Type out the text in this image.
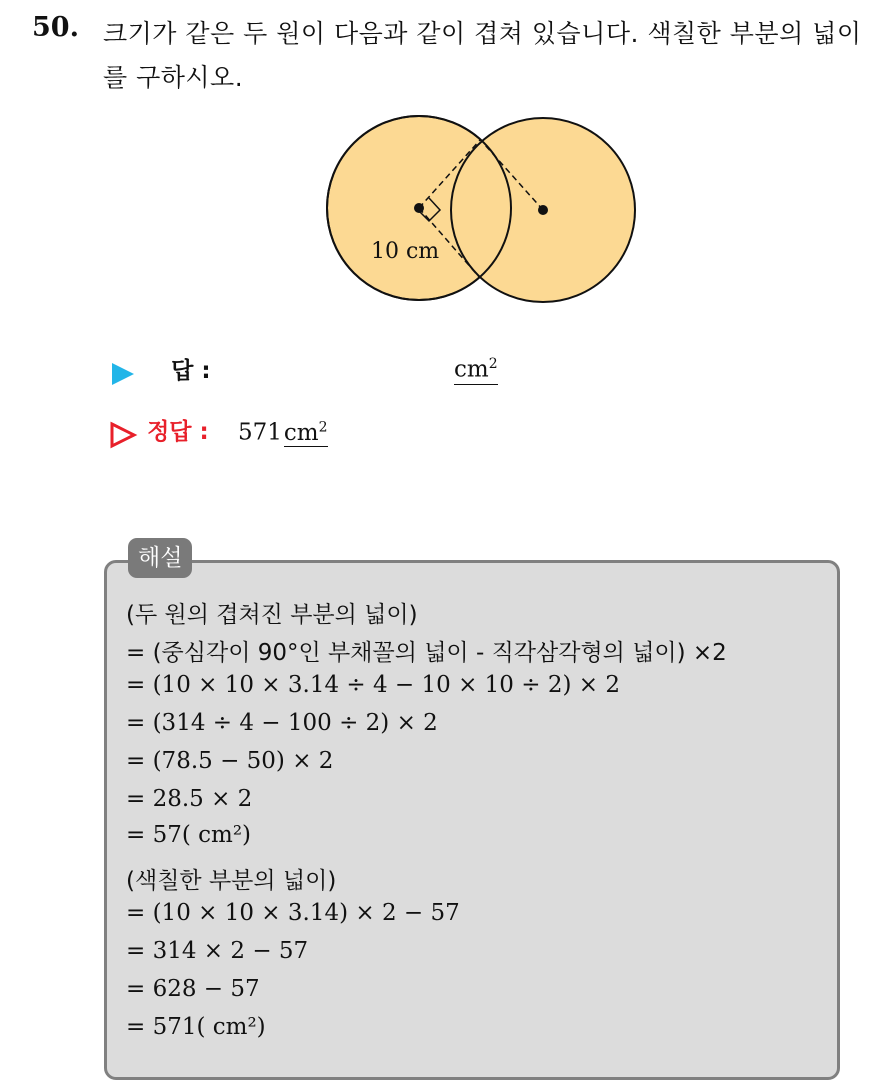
50. 크기가 같은 두 원이 다음과 같이 겹쳐 있습니다. 색칠한 부분의 넓이
를 구하시오.
10 cm
답 :	$cm^2$
정답 : $571cm^2$
해설
(두 원의 겹쳐진 부분의 넓이)
= (중심각이 90°인 부채꼴의 넓이 - 직각삼각형의 넓이) ×2
= (10 × 10 × 3.14 ÷ 4 − 10 × 10 ÷ 2) × 2
= (314 ÷ 4 − 100 ÷ 2) × 2
= (78.5 − 50) × 2
= 28.5 × 2
= 57( cm²)
(색칠한 부분의 넓이)
= (10 × 10 × 3.14) × 2 − 57
= 314 × 2 − 57
= 628 − 57
= 571( cm²)
